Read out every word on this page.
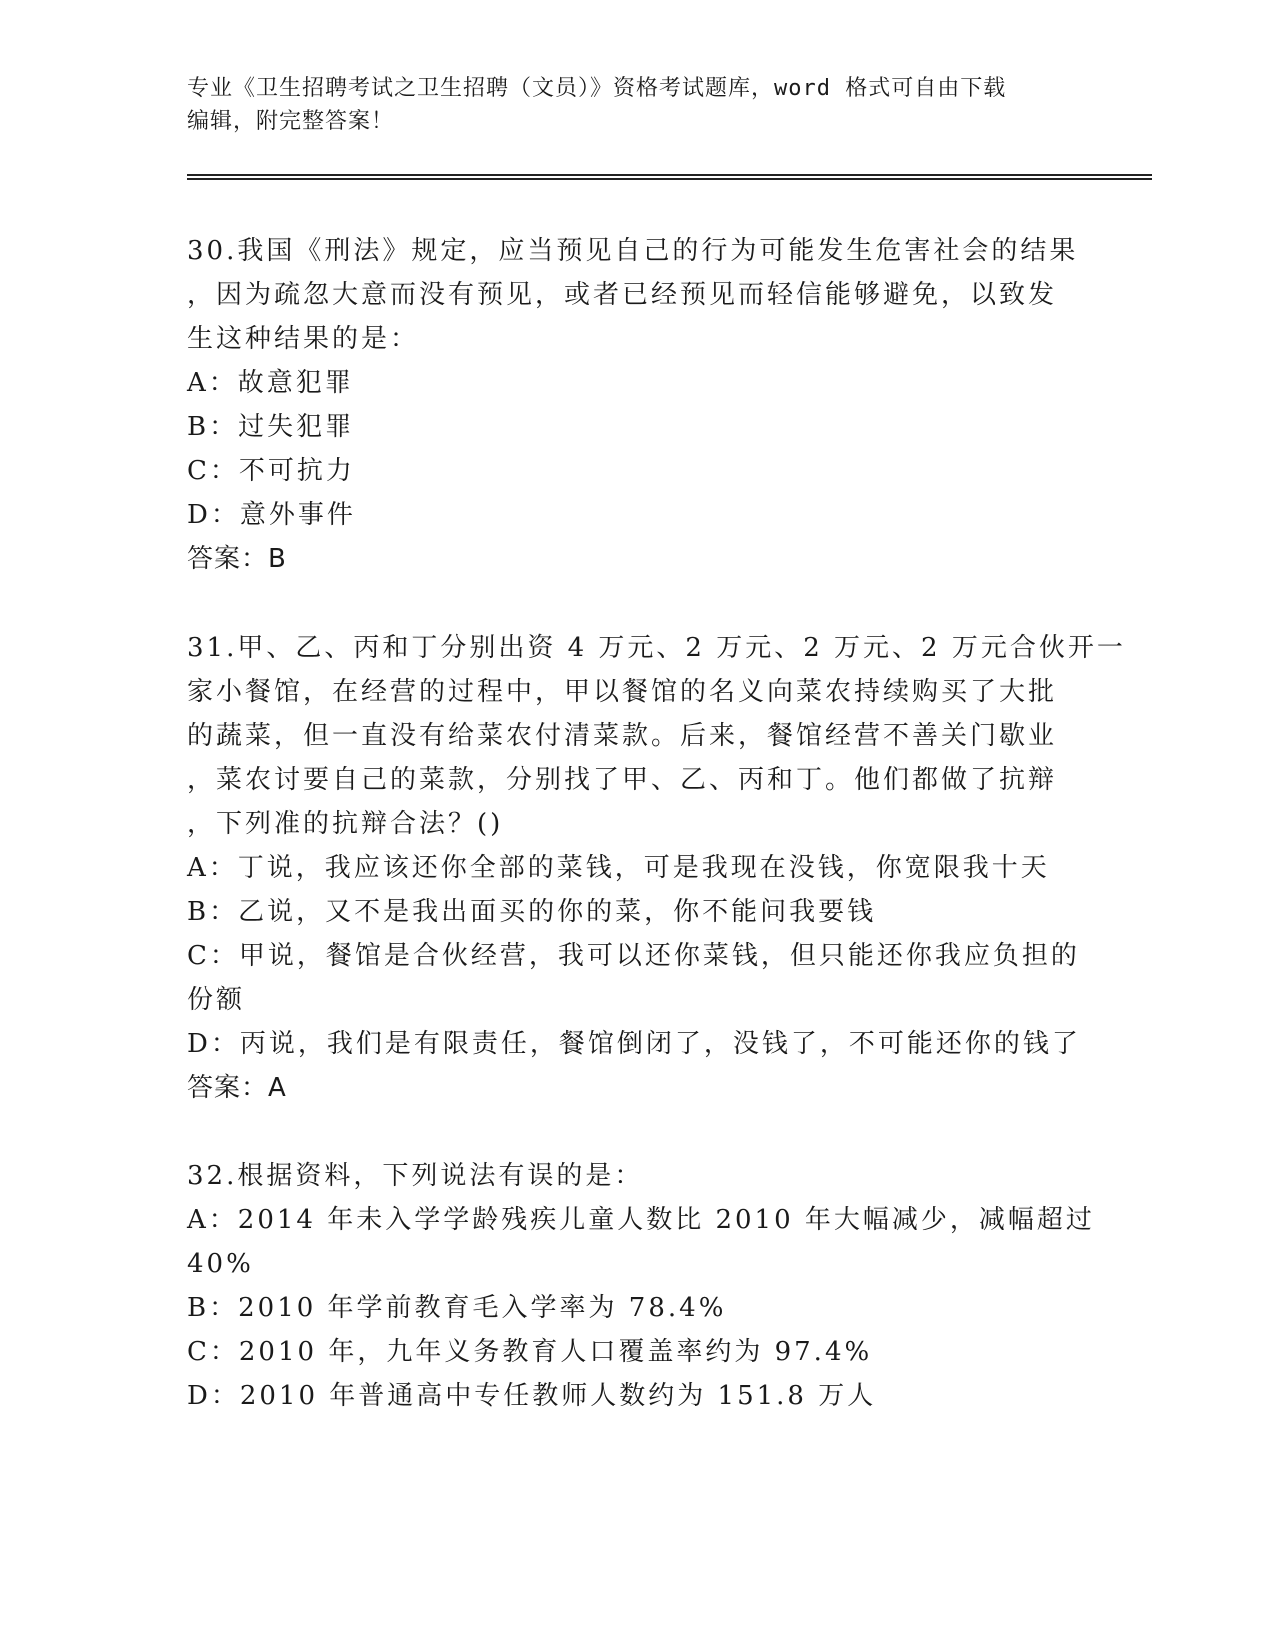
专业《卫生招聘考试之卫生招聘（文员）》资格考试题库，word 格式可自由下载
编辑，附完整答案！
30.我国《刑法》规定，应当预见自己的行为可能发生危害社会的结果
，因为疏忽大意而没有预见，或者已经预见而轻信能够避免，以致发
生这种结果的是：
A：故意犯罪
B：过失犯罪
C：不可抗力
D：意外事件
答案：B
31.甲、乙、丙和丁分别出资 4 万元、2 万元、2 万元、2 万元合伙开一
家小餐馆，在经营的过程中，甲以餐馆的名义向菜农持续购买了大批
的蔬菜，但一直没有给菜农付清菜款。后来，餐馆经营不善关门歇业
，菜农讨要自己的菜款，分别找了甲、乙、丙和丁。他们都做了抗辩
，下列准的抗辩合法？()
A：丁说，我应该还你全部的菜钱，可是我现在没钱，你宽限我十天
B：乙说，又不是我出面买的你的菜，你不能问我要钱
C：甲说，餐馆是合伙经营，我可以还你菜钱，但只能还你我应负担的
份额
D：丙说，我们是有限责任，餐馆倒闭了，没钱了，不可能还你的钱了
答案：A
32.根据资料，下列说法有误的是：
A：2014 年未入学学龄残疾儿童人数比 2010 年大幅减少，减幅超过
40%
B：2010 年学前教育毛入学率为 78.4%
C：2010 年，九年义务教育人口覆盖率约为 97.4%
D：2010 年普通高中专任教师人数约为 151.8 万人
